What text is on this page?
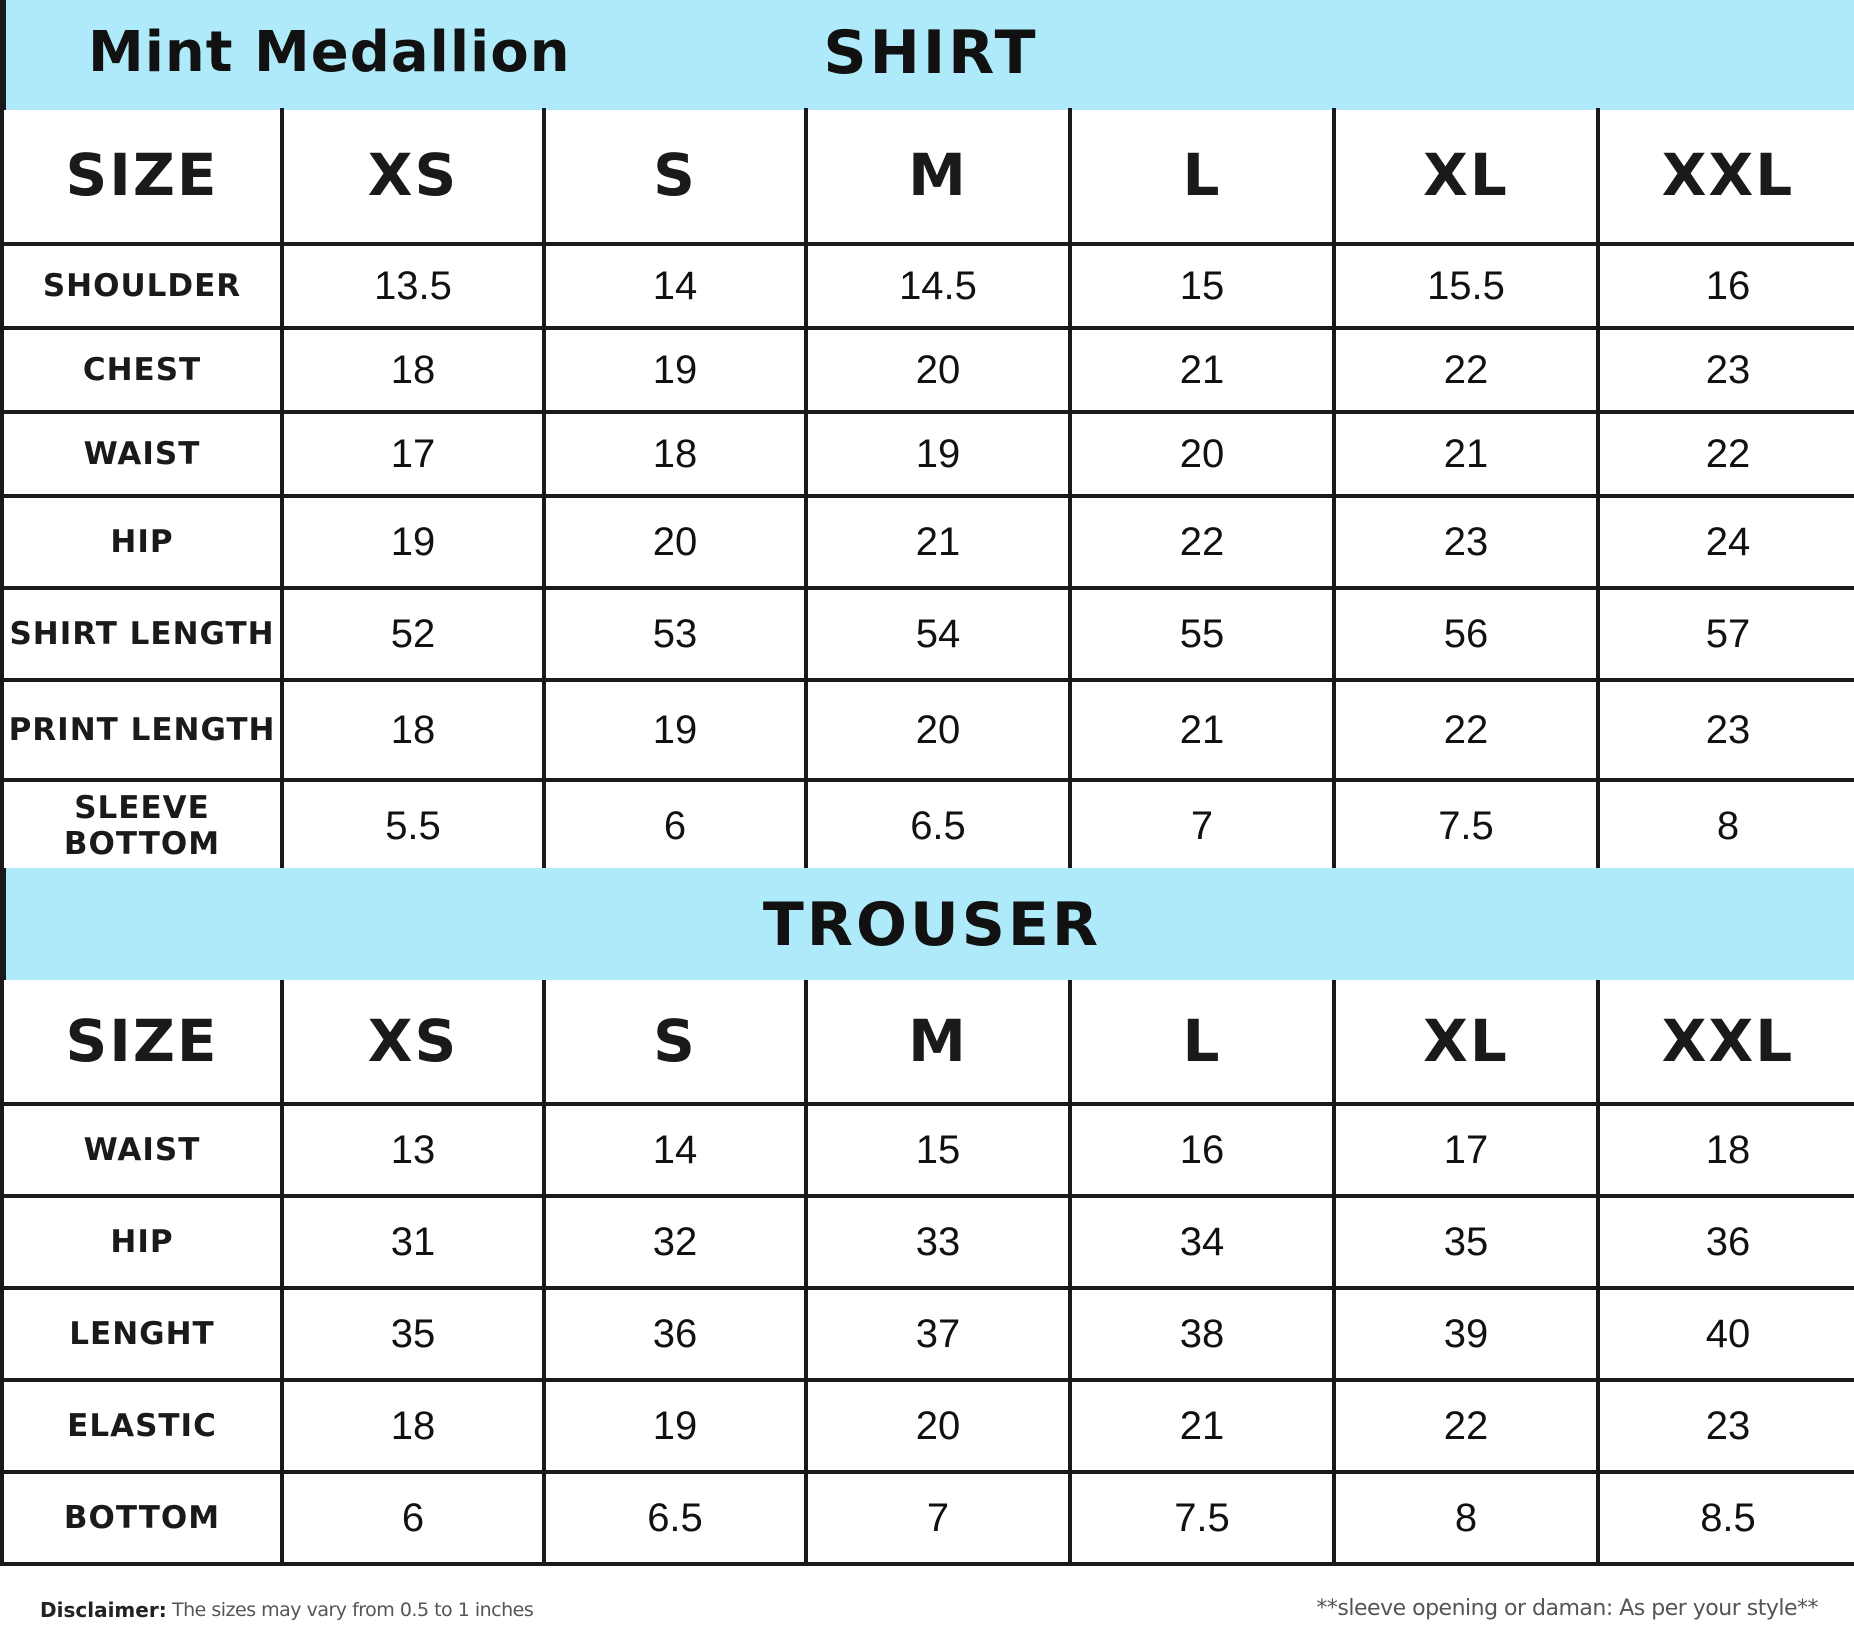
Mint Medallion	SHIRT
SIZE	XS	S	M	L	XL	XXL
SHOULDER	13.5	14	14.5	15	15.5	16
CHEST	18	19	20	21	22	23
WAIST	17	18	19	20	21	22
HIP	19	20	21	22	23	24
SHIRT LENGTH	52	53	54	55	56	57
PRINT LENGTH	18	19	20	21	22	23
SLEEVE BOTTOM	5.5	6	6.5	7	7.5	8
TROUSER
SIZE	XS	S	M	L	XL	XXL
WAIST	13	14	15	16	17	18
HIP	31	32	33	34	35	36
LENGHT	35	36	37	38	39	40
ELASTIC	18	19	20	21	22	23
BOTTOM	6	6.5	7	7.5	8	8.5
Disclaimer: The sizes may vary from 0.5 to 1 inches	**sleeve opening or daman: As per your style**
